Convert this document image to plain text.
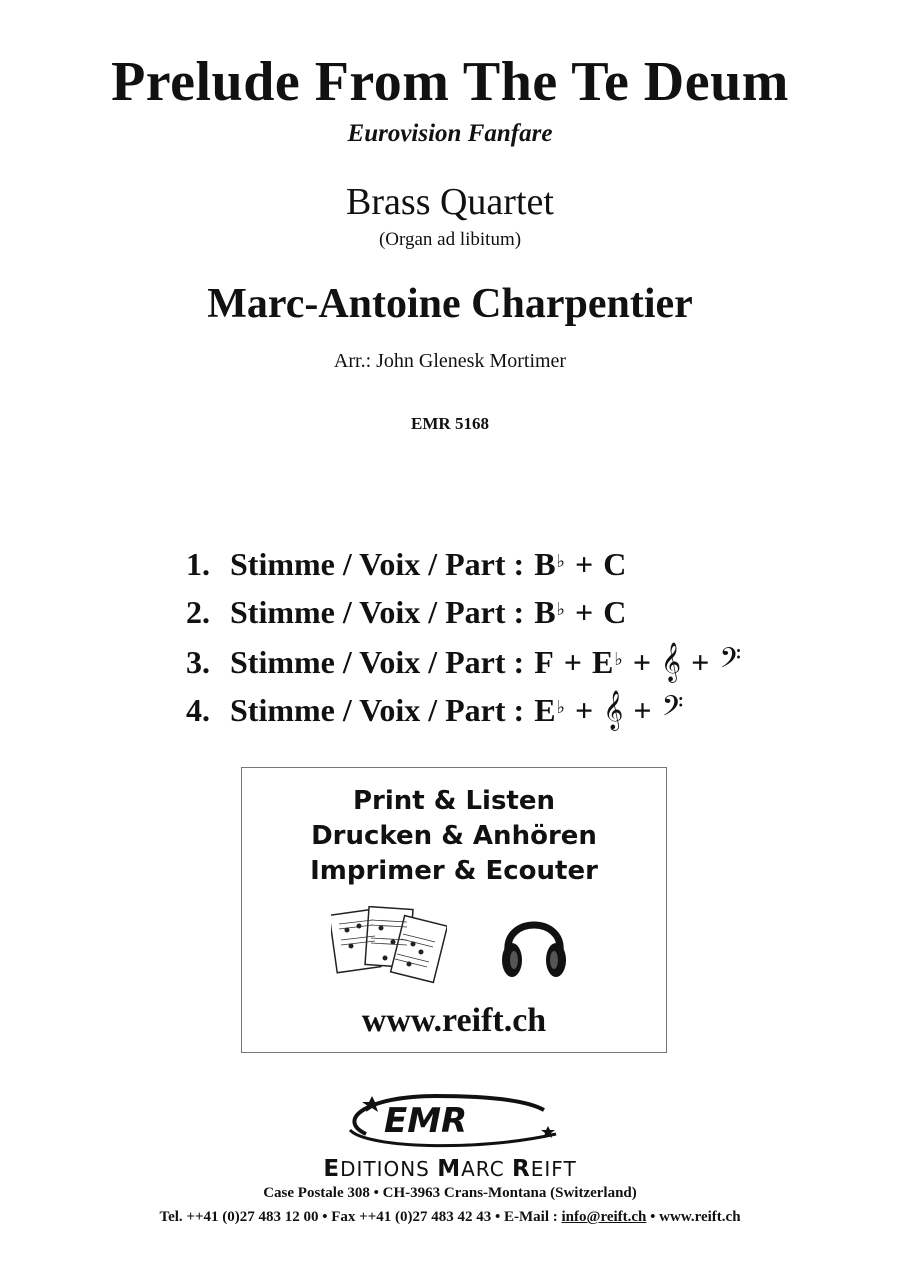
Prelude From The Te Deum
Eurovision Fanfare
Brass Quartet
(Organ ad libitum)
Marc-Antoine Charpentier
Arr.: John Glenesk Mortimer
EMR 5168
1. Stimme / Voix / Part : B♭ + C
2. Stimme / Voix / Part : B♭ + C
3. Stimme / Voix / Part : F + E♭ + 𝄞 + 𝄢
4. Stimme / Voix / Part : E♭ + 𝄞 + 𝄢
Print & Listen
Drucken & Anhören
Imprimer & Ecouter
www.reift.ch
EMR
EDITIONS MARC REIFT
Case Postale 308 • CH-3963 Crans-Montana (Switzerland)
Tel. ++41 (0)27 483 12 00 • Fax ++41 (0)27 483 42 43 • E-Mail : info@reift.ch • www.reift.ch
